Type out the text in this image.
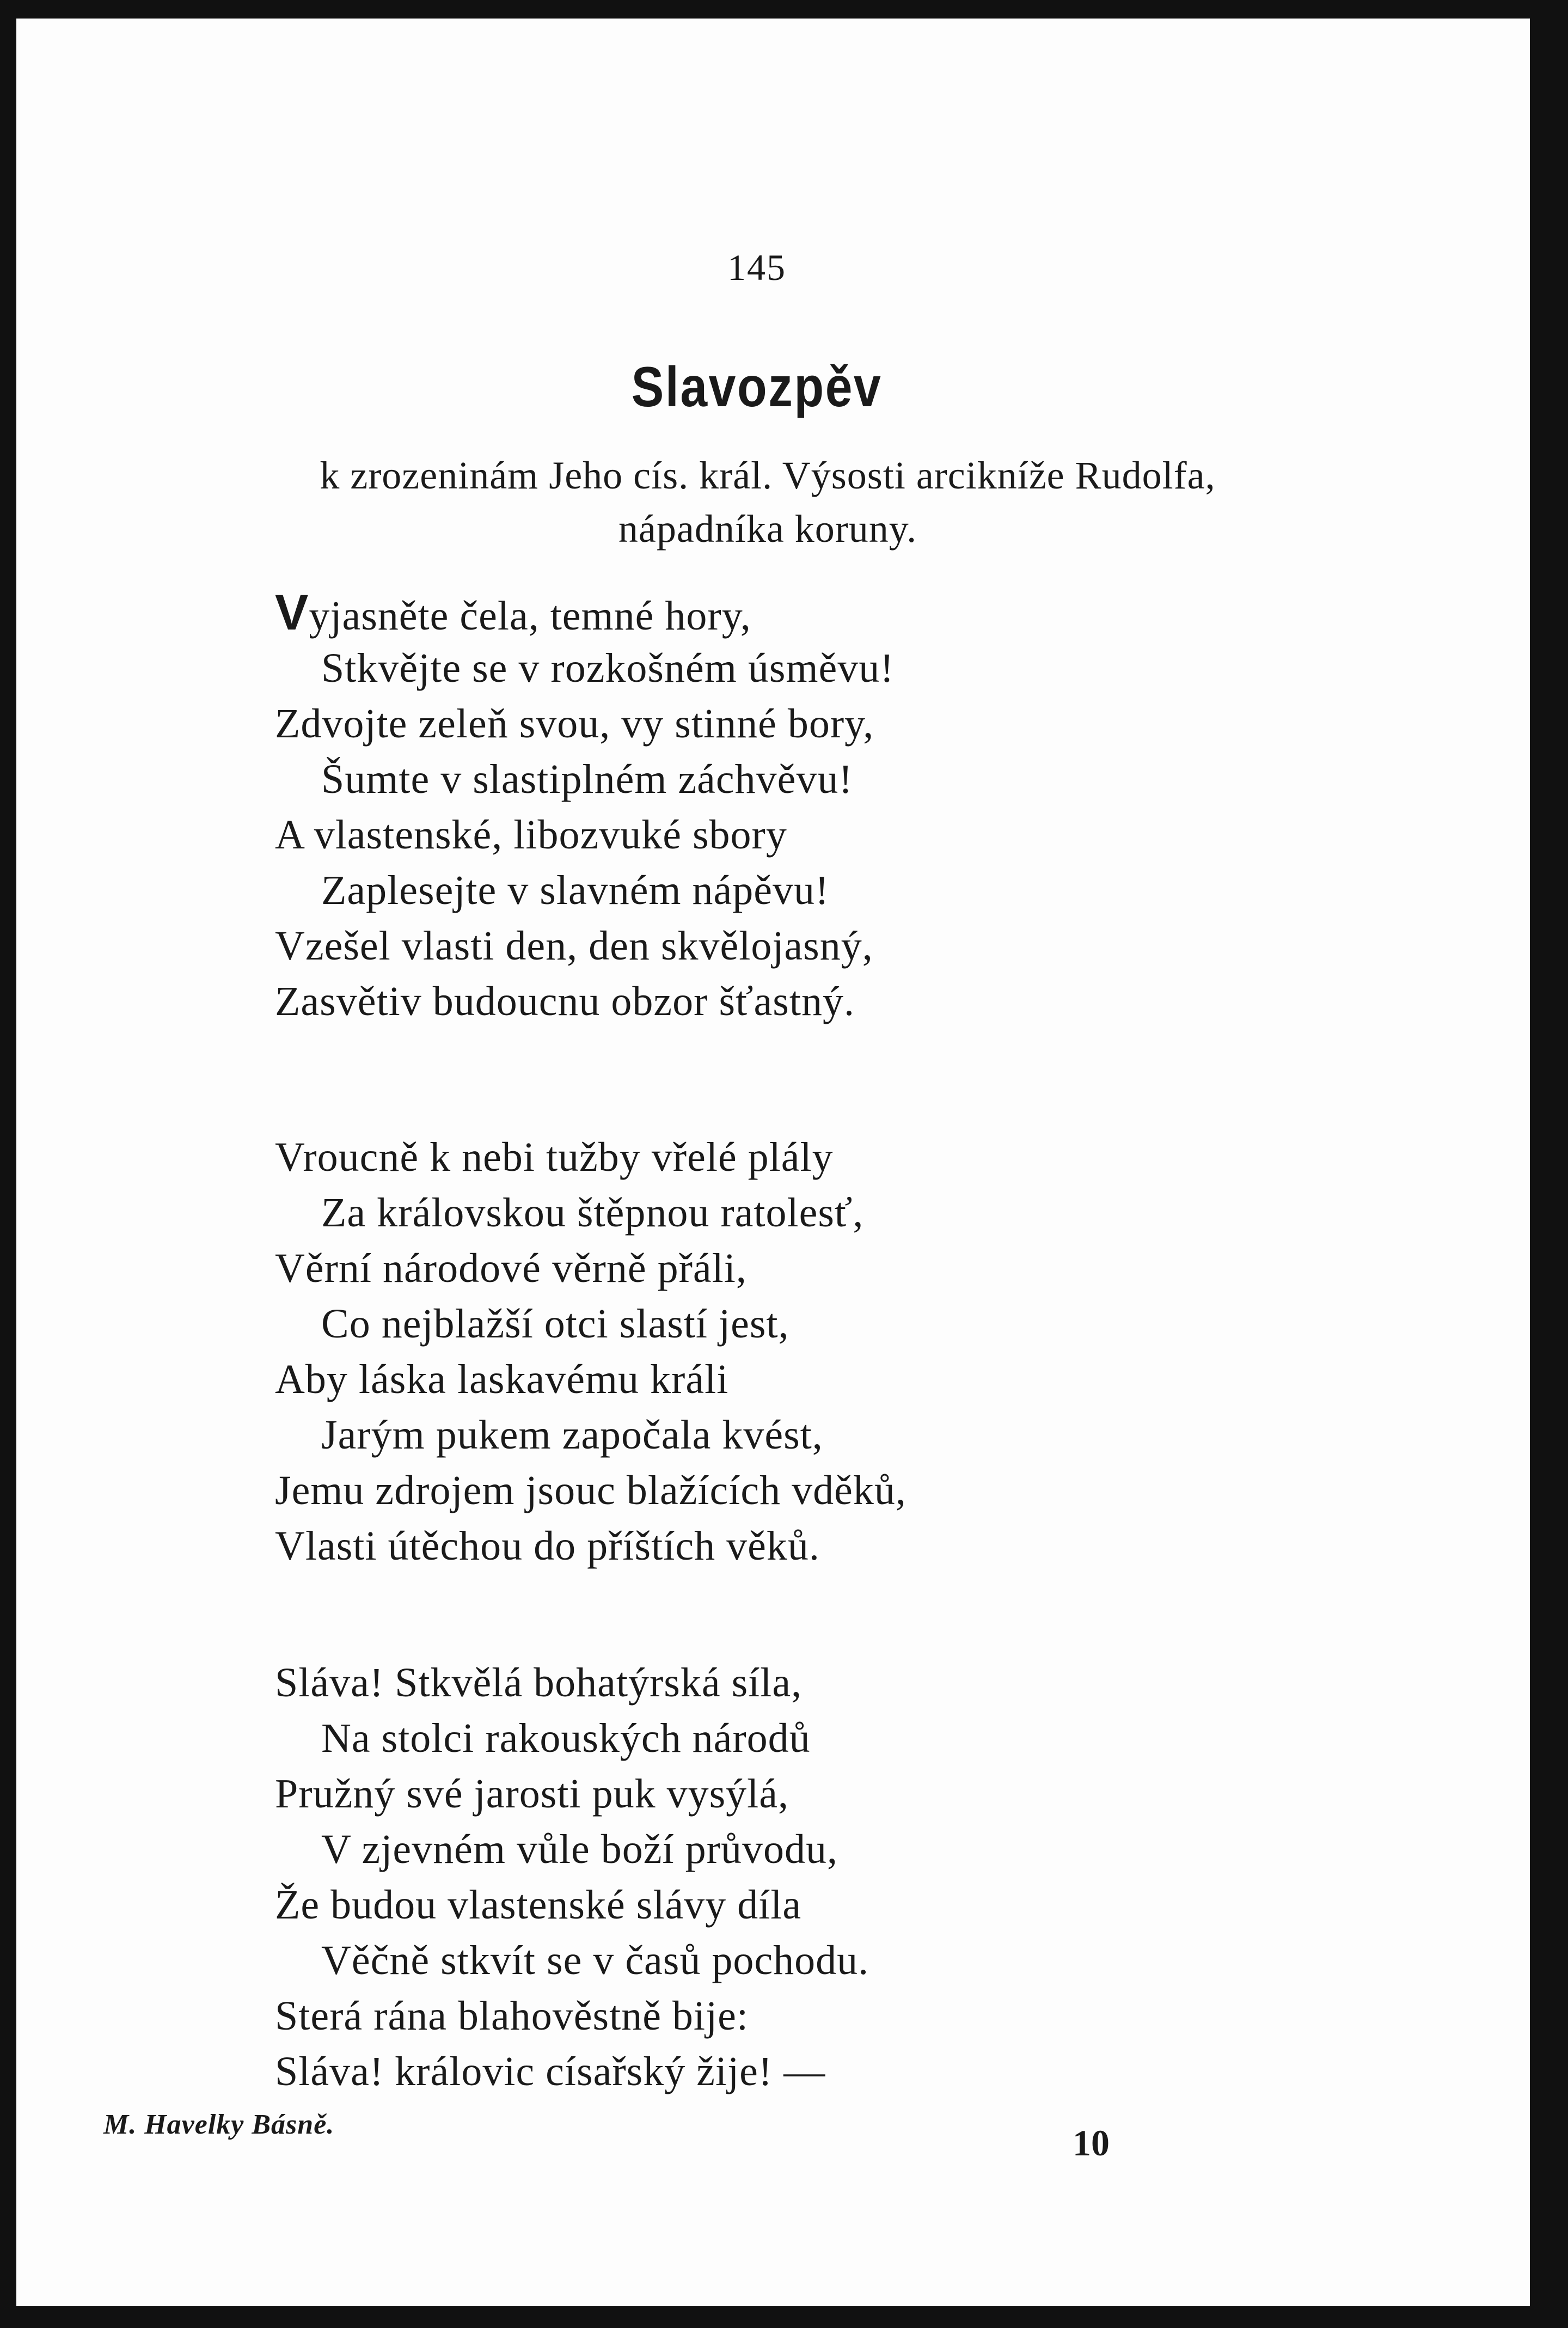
145
Slavozpěv
k zrozeninám Jeho cís. král. Výsosti arcikníže Rudolfa,
nápadníka koruny.
Vyjasněte čela, temné hory,
Stkvějte se v rozkošném úsměvu!
Zdvojte zeleň svou, vy stinné bory,
Šumte v slastiplném záchvěvu!
A vlastenské, libozvuké sbory
Zaplesejte v slavném nápěvu!
Vzešel vlasti den, den skvělojasný,
Zasvětiv budoucnu obzor šťastný.
Vroucně k nebi tužby vřelé plály
Za královskou štěpnou ratolesť,
Věrní národové věrně přáli,
Co nejblažší otci slastí jest,
Aby láska laskavému králi
Jarým pukem započala kvést,
Jemu zdrojem jsouc blažících vděků,
Vlasti útěchou do příštích věků.
Sláva! Stkvělá bohatýrská síla,
Na stolci rakouských národů
Pružný své jarosti puk vysýlá,
V zjevném vůle boží průvodu,
Že budou vlastenské slávy díla
Věčně stkvít se v časů pochodu.
Sterá rána blahověstně bije:
Sláva! královic císařský žije! —
M. Havelky Básně.	10
